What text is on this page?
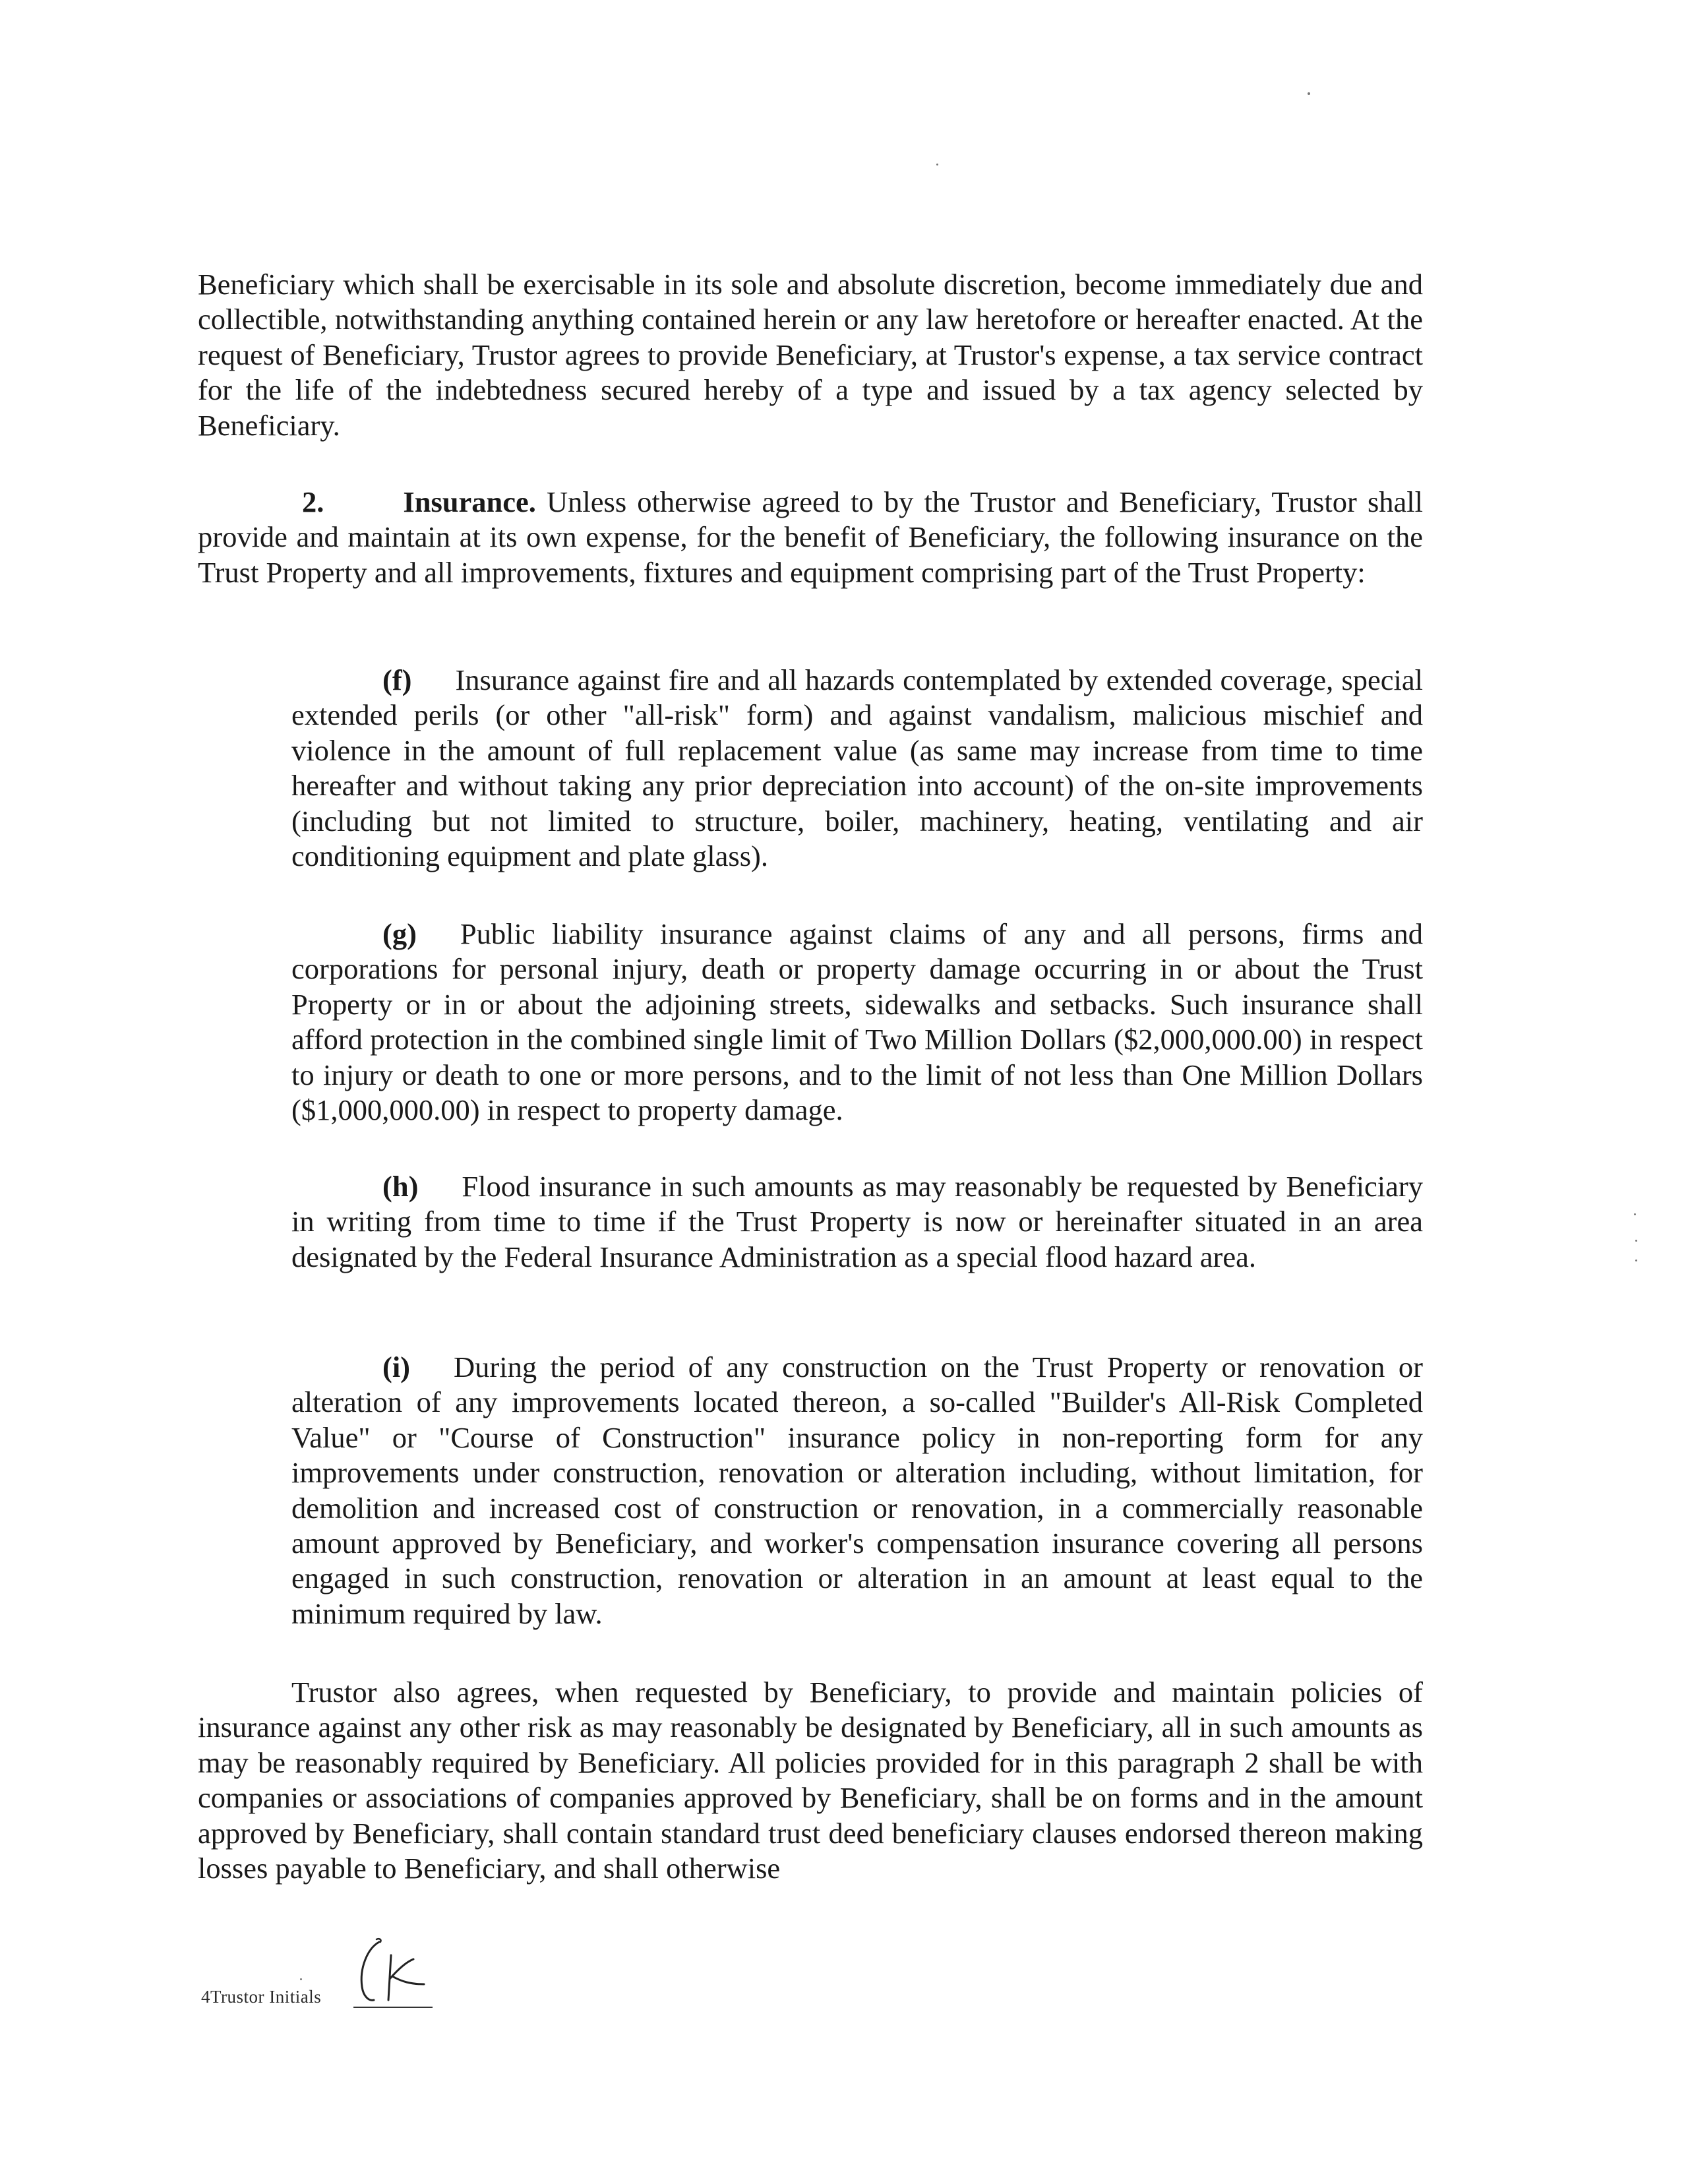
Beneficiary which shall be exercisable in its sole and absolute discretion, become immediately due and collectible, notwithstanding anything contained herein or any law heretofore or hereafter enacted. At the request of Beneficiary, Trustor agrees to provide Beneficiary, at Trustor's expense, a tax service contract for the life of the indebtedness secured hereby of a type and issued by a tax agency selected by Beneficiary.

2.	Insurance. Unless otherwise agreed to by the Trustor and Beneficiary, Trustor shall provide and maintain at its own expense, for the benefit of Beneficiary, the following insurance on the Trust Property and all improvements, fixtures and equipment comprising part of the Trust Property:

(f) Insurance against fire and all hazards contemplated by extended coverage, special extended perils (or other "all-risk" form) and against vandalism, malicious mischief and violence in the amount of full replacement value (as same may increase from time to time hereafter and without taking any prior depreciation into account) of the on-site improvements (including but not limited to structure, boiler, machinery, heating, ventilating and air conditioning equipment and plate glass).

(g) Public liability insurance against claims of any and all persons, firms and corporations for personal injury, death or property damage occurring in or about the Trust Property or in or about the adjoining streets, sidewalks and setbacks. Such insurance shall afford protection in the combined single limit of Two Million Dollars ($2,000,000.00) in respect to injury or death to one or more persons, and to the limit of not less than One Million Dollars ($1,000,000.00) in respect to property damage.

(h) Flood insurance in such amounts as may reasonably be requested by Beneficiary in writing from time to time if the Trust Property is now or hereinafter situated in an area designated by the Federal Insurance Administration as a special flood hazard area.

(i) During the period of any construction on the Trust Property or renovation or alteration of any improvements located thereon, a so-called "Builder's All-Risk Completed Value" or "Course of Construction" insurance policy in non-reporting form for any improvements under construction, renovation or alteration including, without limitation, for demolition and increased cost of construction or renovation, in a commercially reasonable amount approved by Beneficiary, and worker's compensation insurance covering all persons engaged in such construction, renovation or alteration in an amount at least equal to the minimum required by law.

Trustor also agrees, when requested by Beneficiary, to provide and maintain policies of insurance against any other risk as may reasonably be designated by Beneficiary, all in such amounts as may be reasonably required by Beneficiary. All policies provided for in this paragraph 2 shall be with companies or associations of companies approved by Beneficiary, shall be on forms and in the amount approved by Beneficiary, shall contain standard trust deed beneficiary clauses endorsed thereon making losses payable to Beneficiary, and shall otherwise

4Trustor Initials
